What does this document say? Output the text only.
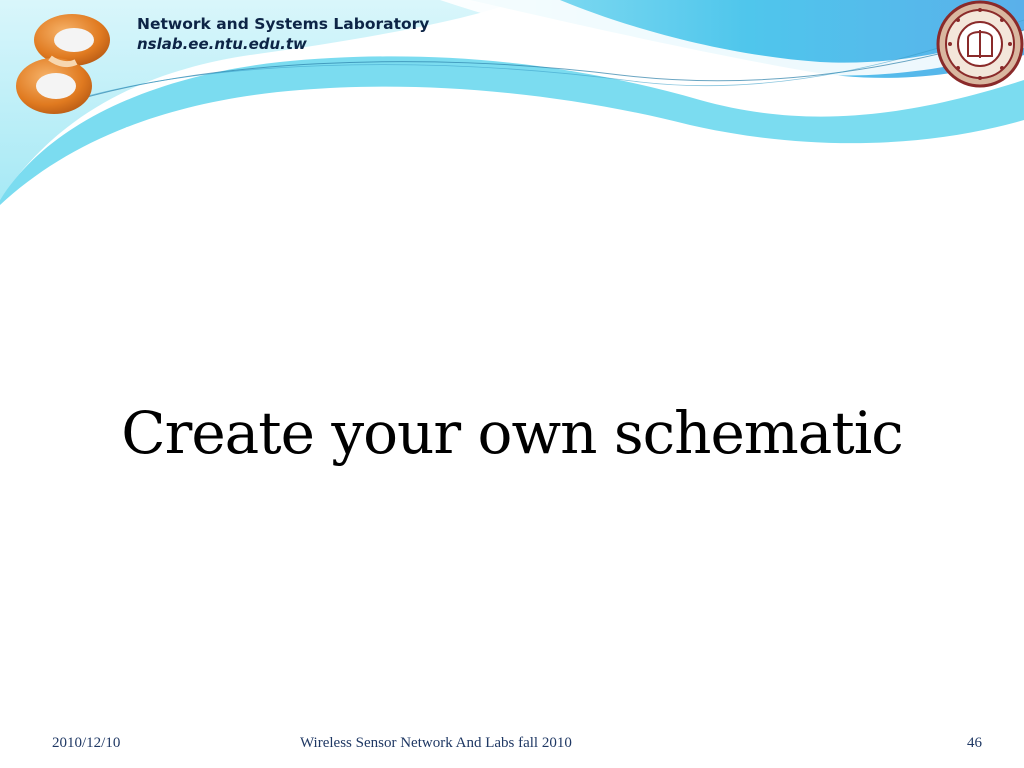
Network and Systems Laboratory
nslab.ee.ntu.edu.tw
Create your own schematic
2010/12/10	Wireless Sensor Network And Labs fall 2010	46
